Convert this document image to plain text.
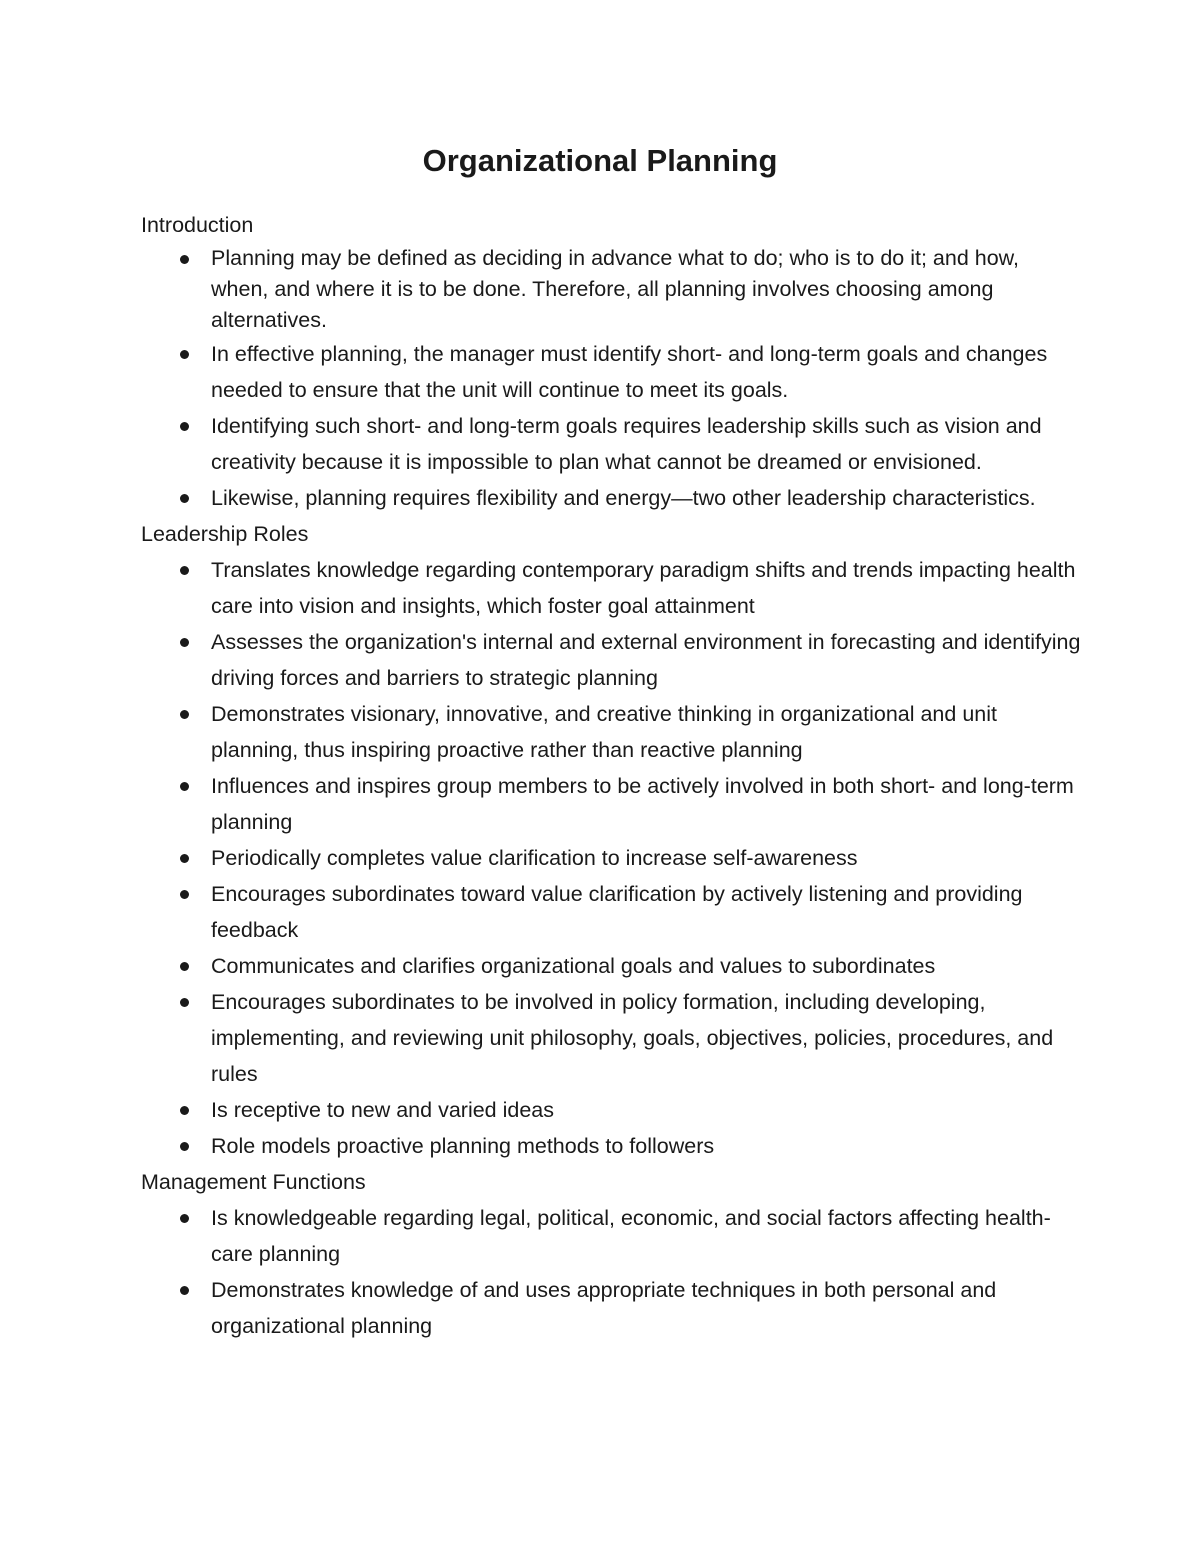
Organizational Planning

Introduction

Planning may be defined as deciding in advance what to do; who is to do it; and how, when, and where it is to be done. Therefore, all planning involves choosing among alternatives.
In effective planning, the manager must identify short- and long-term goals and changes needed to ensure that the unit will continue to meet its goals.
Identifying such short- and long-term goals requires leadership skills such as vision and creativity because it is impossible to plan what cannot be dreamed or envisioned.
Likewise, planning requires flexibility and energy—two other leadership characteristics.

Leadership Roles

Translates knowledge regarding contemporary paradigm shifts and trends impacting health care into vision and insights, which foster goal attainment
Assesses the organization's internal and external environment in forecasting and identifying driving forces and barriers to strategic planning
Demonstrates visionary, innovative, and creative thinking in organizational and unit planning, thus inspiring proactive rather than reactive planning
Influences and inspires group members to be actively involved in both short- and long-term planning
Periodically completes value clarification to increase self-awareness
Encourages subordinates toward value clarification by actively listening and providing feedback
Communicates and clarifies organizational goals and values to subordinates
Encourages subordinates to be involved in policy formation, including developing, implementing, and reviewing unit philosophy, goals, objectives, policies, procedures, and rules
Is receptive to new and varied ideas
Role models proactive planning methods to followers

Management Functions

Is knowledgeable regarding legal, political, economic, and social factors affecting health-care planning
Demonstrates knowledge of and uses appropriate techniques in both personal and organizational planning
